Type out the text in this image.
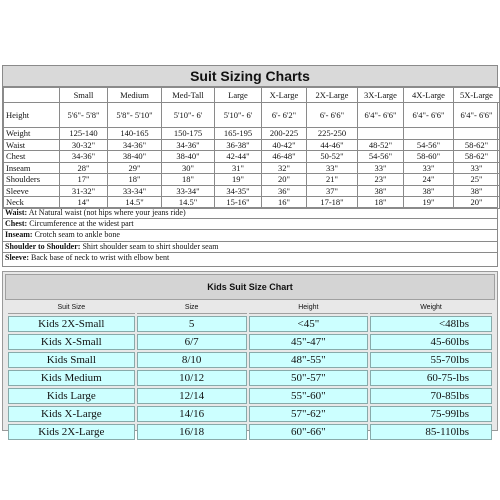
Suit Sizing Charts
	Small	Medium	Med-Tall	Large	X-Large	2X-Large	3X-Large	4X-Large	5X-Large
Height	5'6"- 5'8"	5'8"- 5'10"	5'10"- 6'	5'10"- 6'	6'- 6'2"	6'- 6'6"	6'4"- 6'6"	6'4"- 6'6"	6'4"- 6'6"
Weight	125-140	140-165	150-175	165-195	200-225	225-250			
Waist	30-32"	34-36"	34-36"	36-38"	40-42"	44-46"	48-52"	54-56"	58-62"
Chest	34-36"	38-40"	38-40"	42-44"	46-48"	50-52"	54-56"	58-60"	58-62"
Inseam	28"	29"	30"	31"	32"	33"	33"	33"	33"
Shoulders	17"	18"	18"	19"	20"	21"	23"	24"	25"
Sleeve	31-32"	33-34"	33-34"	34-35"	36"	37"	38"	38"	38"
Neck	14"	14.5"	14.5"	15-16"	16"	17-18"	18"	19"	20"
Waist: At Natural waist (not hips where your jeans ride)
Chest: Circumference at the widest part
Inseam: Crotch seam to ankle bone
Shoulder to Shoulder: Shirt shoulder seam to shirt shoulder seam
Sleeve: Back base of neck to wrist with elbow bent
Kids Suit Size Chart
Suit Size	Size	Height	Weight
Kids 2X-Small	5	<45"	<48lbs
Kids X-Small	6/7	45"-47"	45-60lbs
Kids Small	8/10	48"-55"	55-70lbs
Kids Medium	10/12	50"-57"	60-75-lbs
Kids Large	12/14	55"-60"	70-85lbs
Kids X-Large	14/16	57"-62"	75-99lbs
Kids 2X-Large	16/18	60"-66"	85-110lbs
